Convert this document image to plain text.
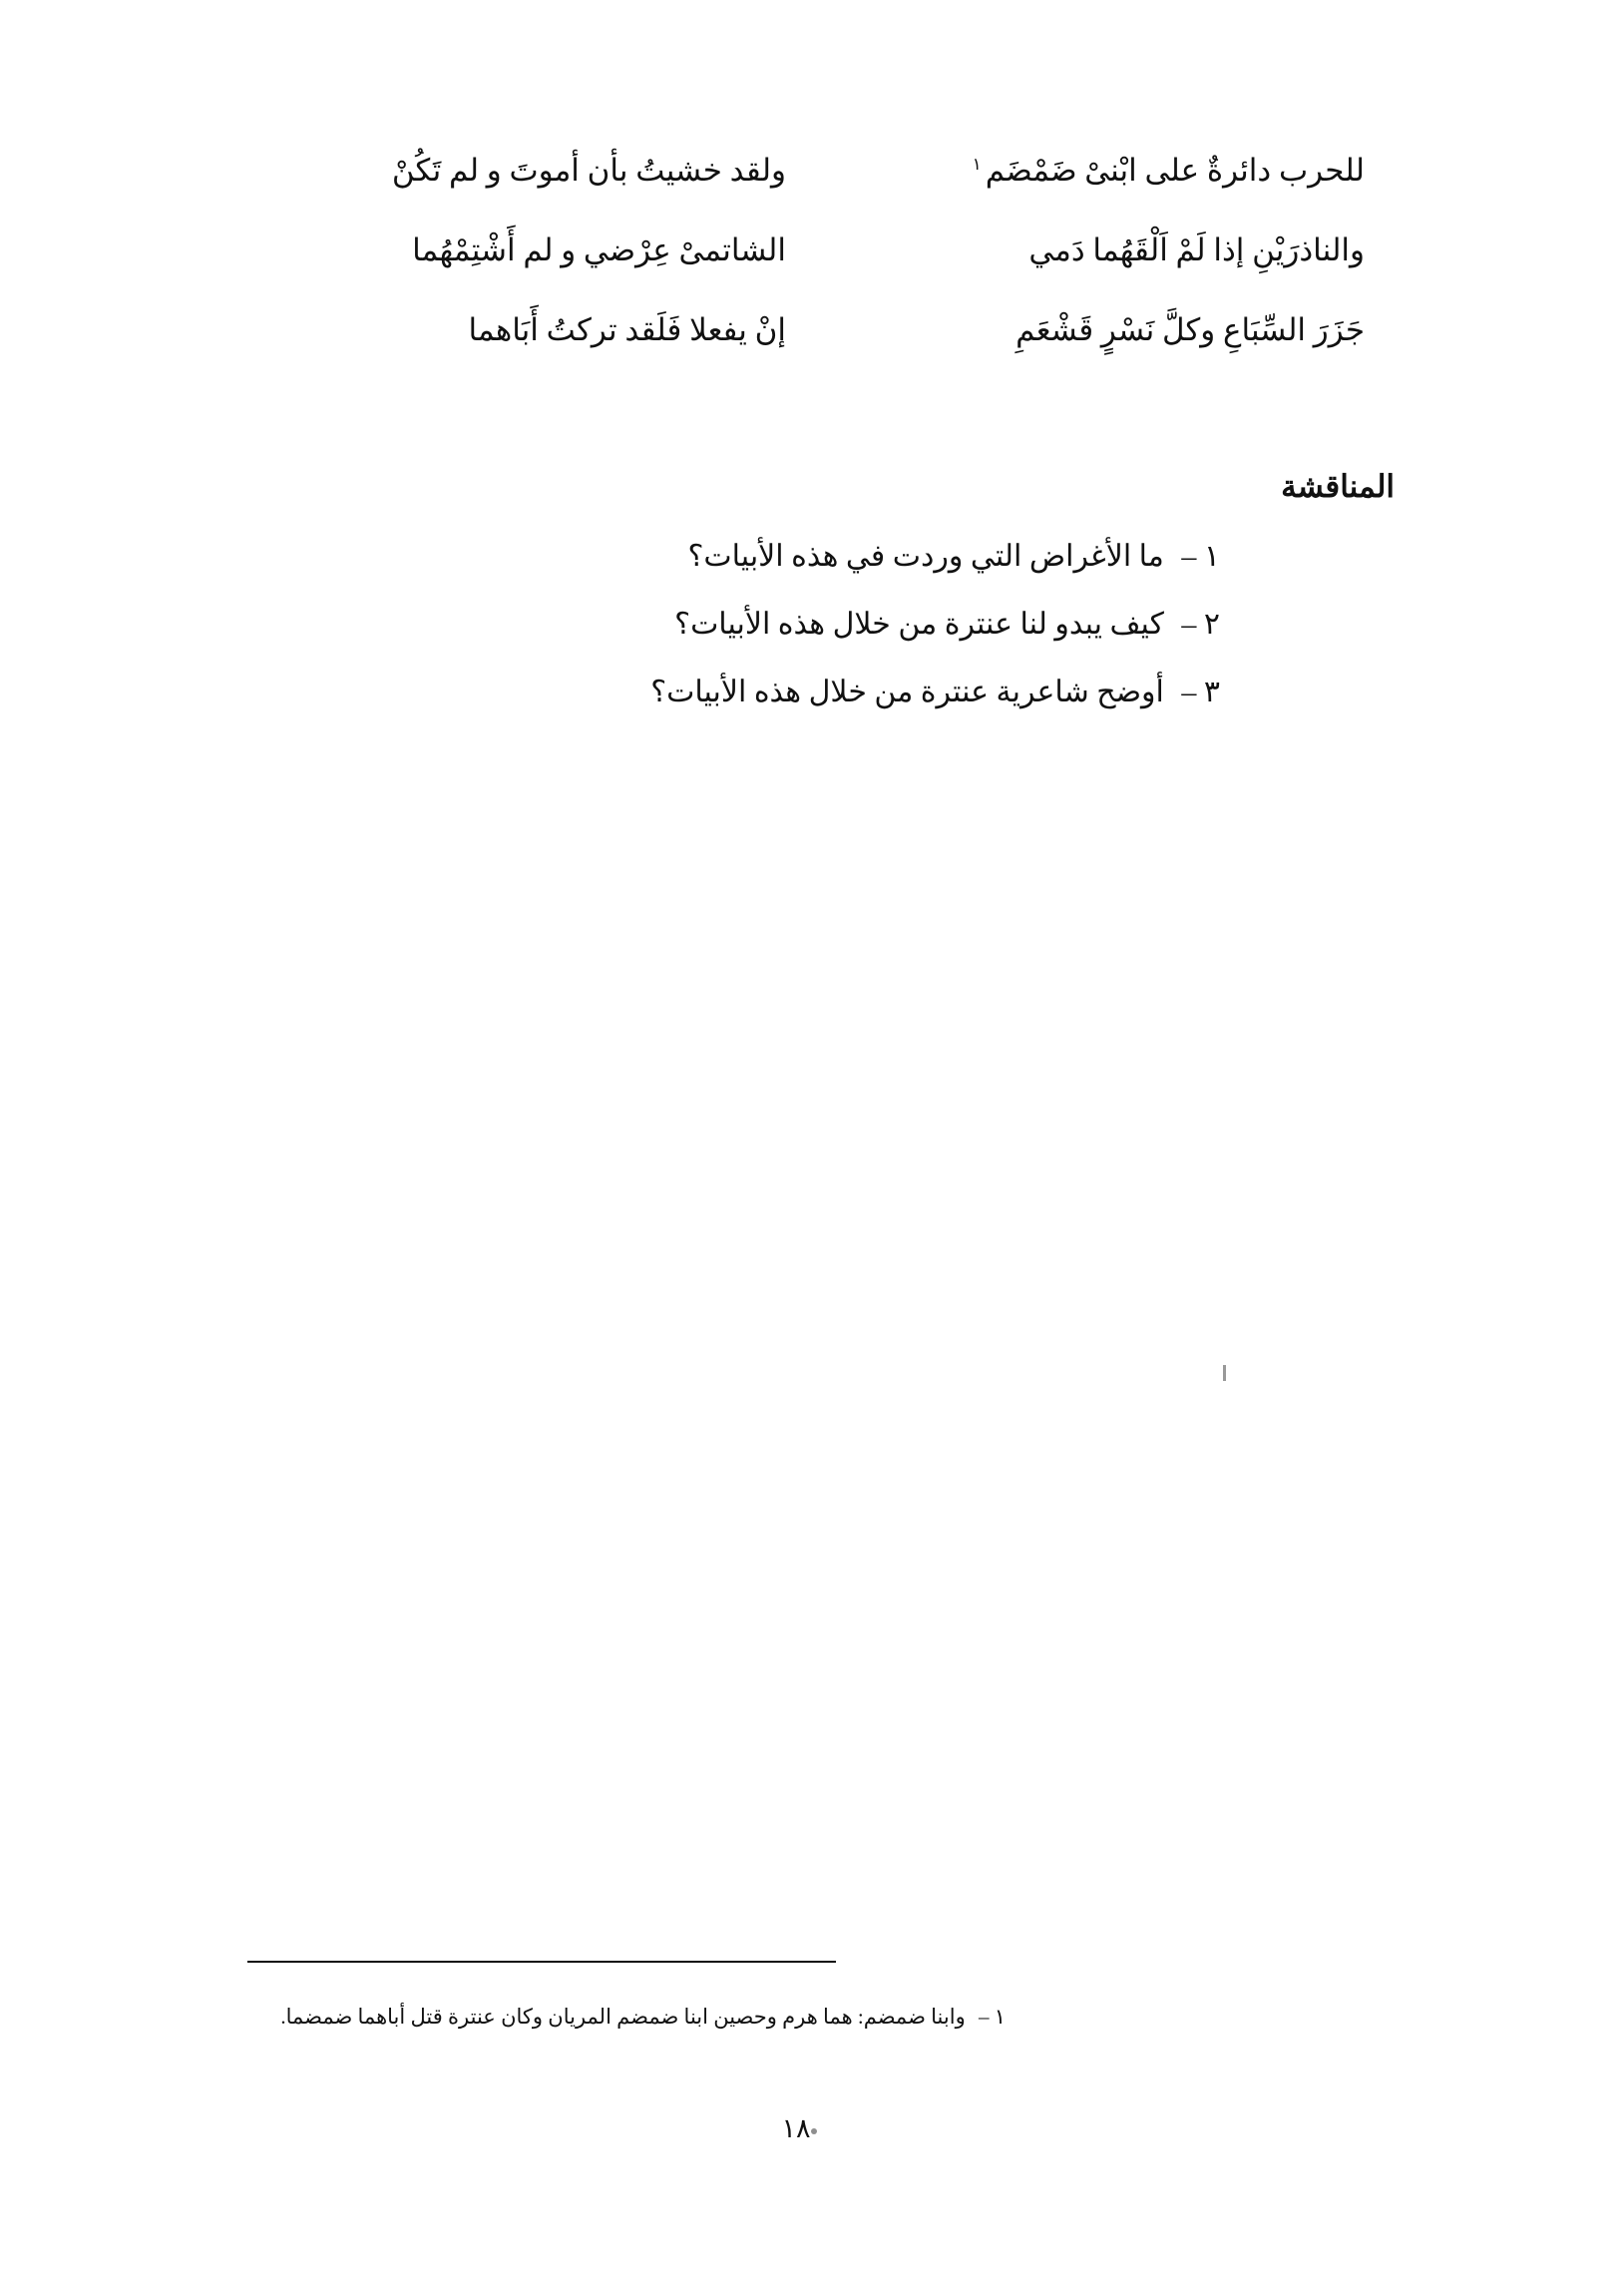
للحرب دائرةٌ على ابْنىْ ضَمْضَم$^١$
ولقد خشيتُ بأن أموتَ و لم تَكُنْ
والناذرَيْنِ إذا لَمْ اَلْقَهُما دَمي
الشاتمىْ عِرْضي و لم أَشْتِمْهُما
جَزَرَ السِّبَاعِ وكلَّ نَسْرٍ قَشْعَمِ
إنْ يفعلا فَلَقد تركتُ أَبَاهما
المناقشة
١ – ما الأغراض التي وردت في هذه الأبيات؟
٢ – كيف يبدو لنا عنترة من خلال هذه الأبيات؟
٣ – أوضح شاعرية عنترة من خلال هذه الأبيات؟
١ – وابنا ضمضم: هما هرم وحصين ابنا ضمضم المريان وكان عنترة قتل أباهما ضمضما.
١٨
